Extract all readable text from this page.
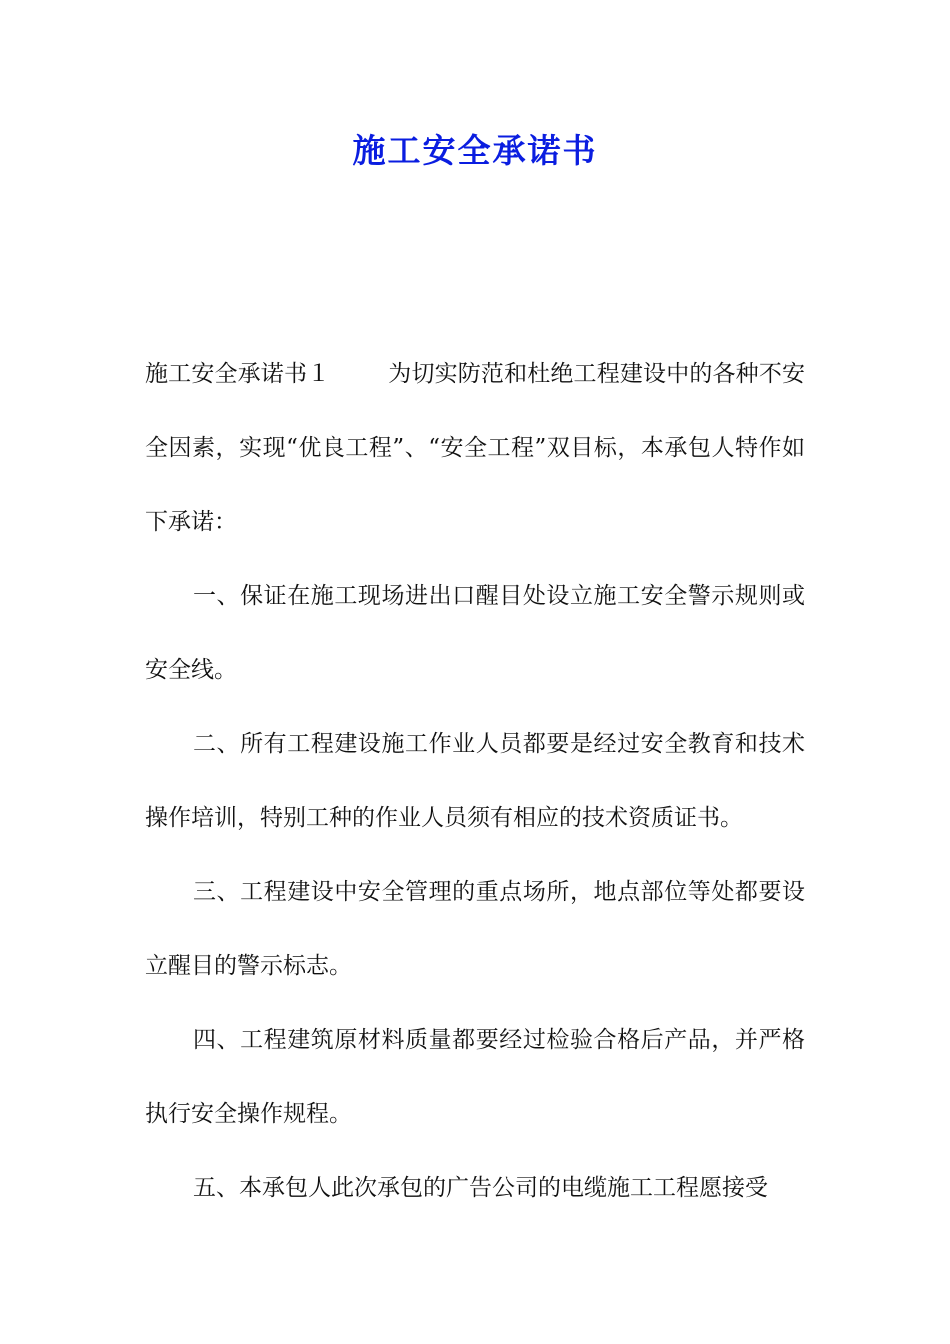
施工安全承诺书

施工安全承诺书１	为切实防范和杜绝工程建设中的各种不安全因素，实现“优良工程”、“安全工程”双目标，本承包人特作如下承诺：

一、保证在施工现场进出口醒目处设立施工安全警示规则或安全线。

二、所有工程建设施工作业人员都要是经过安全教育和技术操作培训，特别工种的作业人员须有相应的技术资质证书。

三、工程建设中安全管理的重点场所，地点部位等处都要设立醒目的警示标志。

四、工程建筑原材料质量都要经过检验合格后产品，并严格执行安全操作规程。

五、本承包人此次承包的广告公司的电缆施工工程愿接受
